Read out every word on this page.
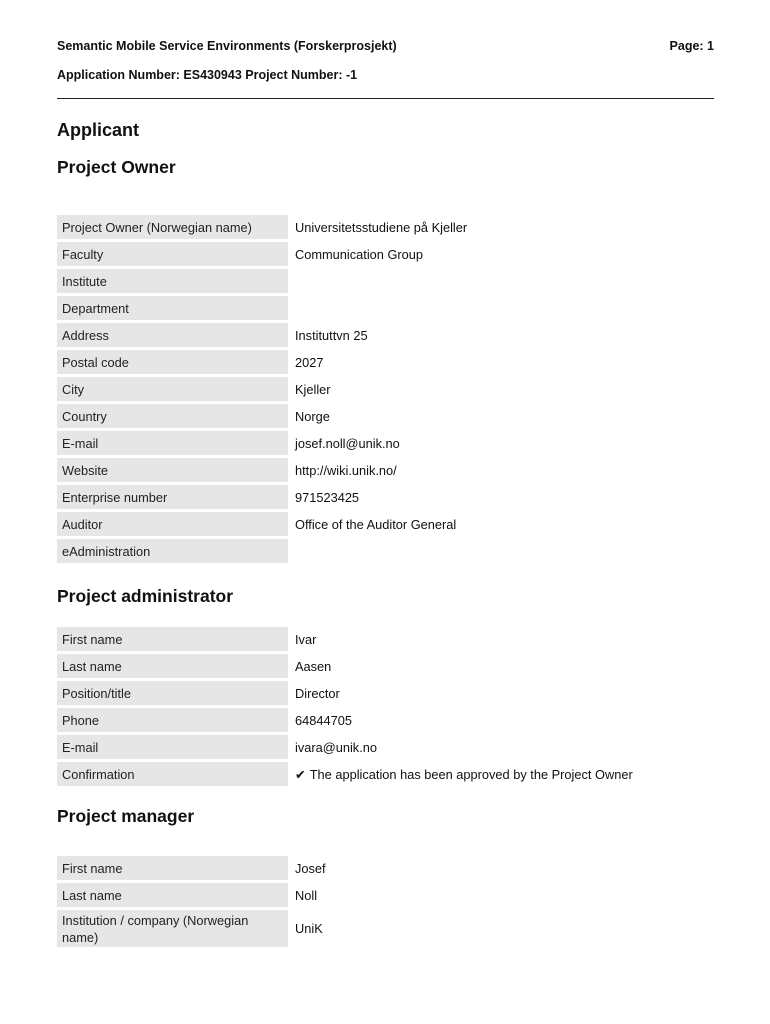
Semantic Mobile Service Environments (Forskerprosjekt)	Page: 1
Application Number: ES430943 Project Number: -1
Applicant
Project Owner
Project Owner (Norwegian name)	Universitetsstudiene på Kjeller
Faculty	Communication Group
Institute	
Department	
Address	Instituttvn 25
Postal code	2027
City	Kjeller
Country	Norge
E-mail	josef.noll@unik.no
Website	http://wiki.unik.no/
Enterprise number	971523425
Auditor	Office of the Auditor General
eAdministration	
Project administrator
First name	Ivar
Last name	Aasen
Position/title	Director
Phone	64844705
E-mail	ivara@unik.no
Confirmation	✔ The application has been approved by the Project Owner
Project manager
First name	Josef
Last name	Noll
Institution / company (Norwegian name)	UniK
